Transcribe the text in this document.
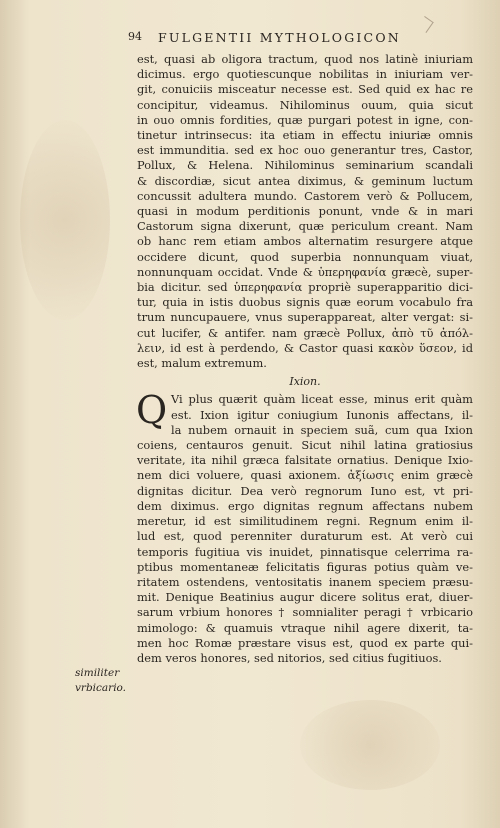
94 FULGENTII MYTHOLOGICON
est, quasi ab oligora tractum, quod nos latinè iniuriam
dicimus. ergo quotiescunque nobilitas in iniuriam ver-
git, conuiciis misceatur necesse est. Sed quid ex hac re
concipitur, videamus. Nihilominus ouum, quia sicut
in ouo omnis fordities, quæ purgari potest in igne, con-
tinetur intrinsecus: ita etiam in effectu iniuriæ omnis
est immunditia. sed ex hoc ouo generantur tres, Castor,
Pollux, & Helena. Nihilominus seminarium scandali
& discordiæ, sicut antea diximus, & geminum luctum
concussit adultera mundo. Castorem verò & Pollucem,
quasi in modum perditionis ponunt, vnde & in mari
Castorum signa dixerunt, quæ periculum creant. Nam
ob hanc rem etiam ambos alternatim resurgere atque
occidere dicunt, quod superbia nonnunquam viuat,
nonnunquam occidat. Vnde & ὑπερηφανία græcè, super-
bia dicitur. sed ὑπερηφανία propriè superapparitio dici-
tur, quia in istis duobus signis quæ eorum vocabulo fra
trum nuncupauere, vnus superappareat, alter vergat: si-
cut lucifer, & antifer. nam græcè Pollux, ἀπὸ τῦ ἀπόλ-
λειν, id est à perdendo, & Castor quasi κακὸν ὕσεον, id
est, malum extremum.
Ixion.
Vi plus quærit quàm liceat esse, minus erit quàm
est. Ixion igitur coniugium Iunonis affectans, il-
la nubem ornauit in speciem suã, cum qua Ixion
coiens, centauros genuit. Sicut nihil latina gratiosius
veritate, ita nihil græca falsitate ornatius. Denique Ixio-
nem dici voluere, quasi axionem. ἀξίωσις enim græcè
dignitas dicitur. Dea verò regnorum Iuno est, vt pri-
dem diximus. ergo dignitas regnum affectans nubem
meretur, id est similitudinem regni. Regnum enim il-
lud est, quod perenniter duraturum est. At verò cui
temporis fugitiua vis inuidet, pinnatisque celerrima ra-
ptibus momentaneæ felicitatis figuras potius quàm ve-
ritatem ostendens, ventositatis inanem speciem præsu-
mit. Denique Beatinius augur dicere solitus erat, diuer-
sarum vrbium honores † somnialiter peragi † vrbicario
mimologo: & quamuis vtraque nihil agere dixerit, ta-
men hoc Romæ præstare visus est, quod ex parte qui-
dem veros honores, sed nitorios, sed citius fugitiuos.
Q
similiter
vrbicario.
